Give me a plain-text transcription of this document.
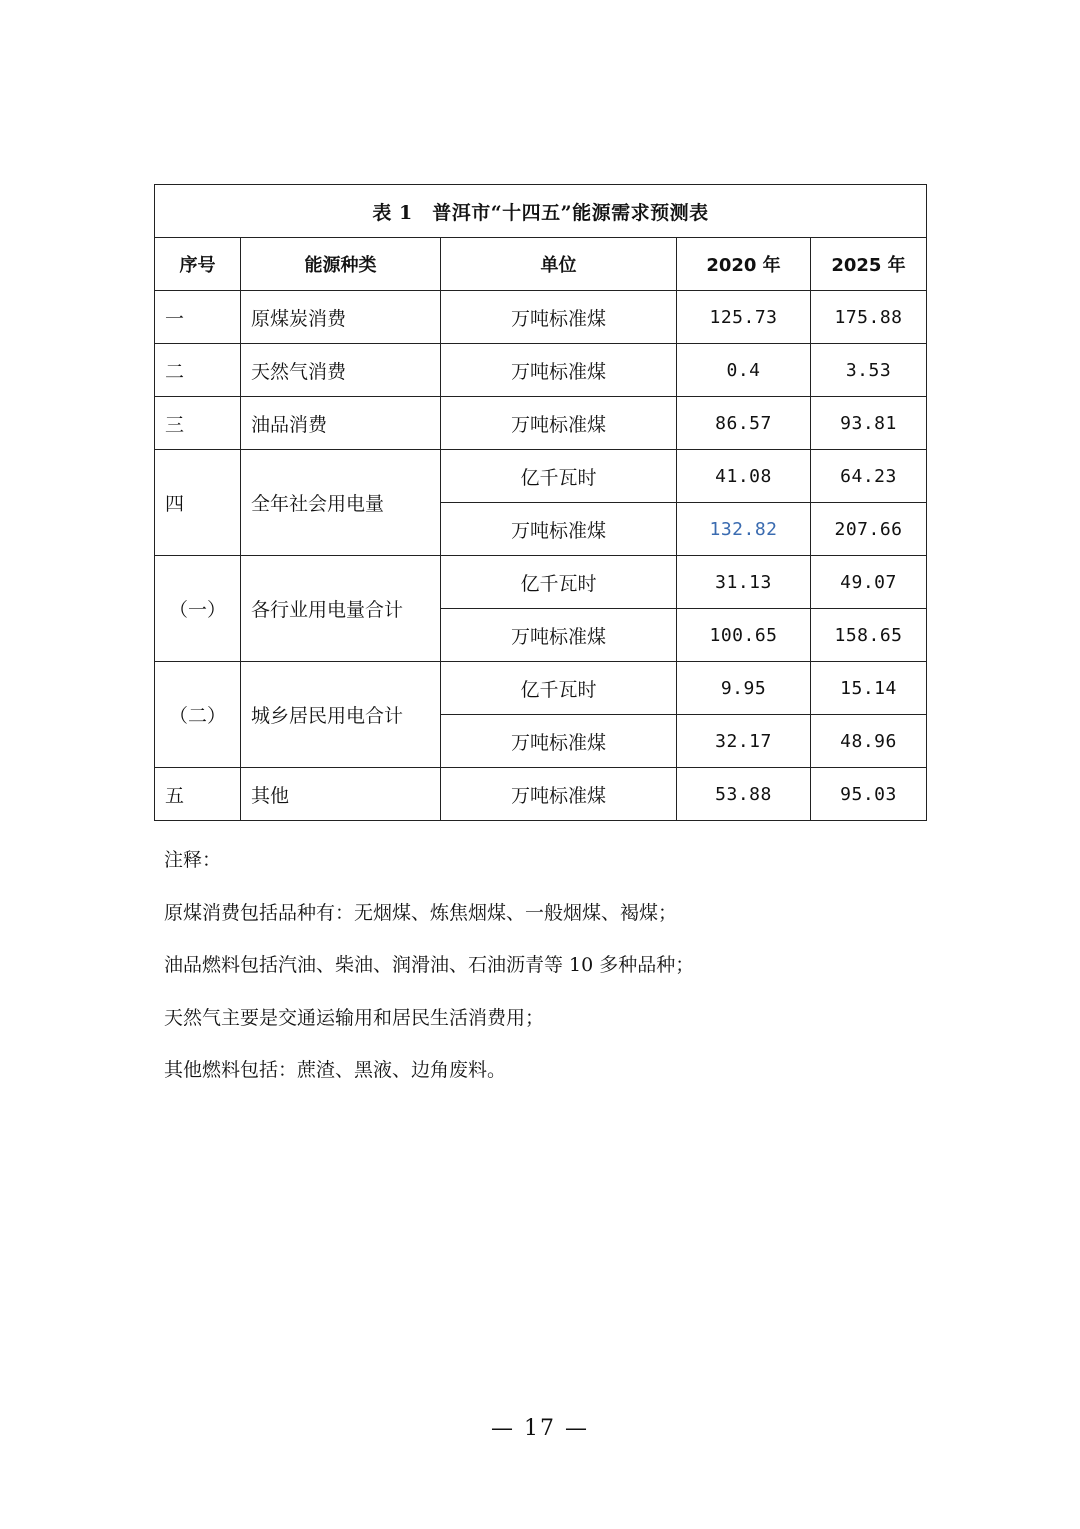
表 1　普洱市“十四五”能源需求预测表				
序号	能源种类	单位	2020 年	2025 年
一	原煤炭消费	万吨标准煤	125.73	175.88
二	天然气消费	万吨标准煤	0.4	3.53
三	油品消费	万吨标准煤	86.57	93.81
四	全年社会用电量	亿千瓦时	41.08	64.23
		万吨标准煤	132.82	207.66
（一）	各行业用电量合计	亿千瓦时	31.13	49.07
		万吨标准煤	100.65	158.65
（二）	城乡居民用电合计	亿千瓦时	9.95	15.14
		万吨标准煤	32.17	48.96
五	其他	万吨标准煤	53.88	95.03

注释：

原煤消费包括品种有：无烟煤、炼焦烟煤、一般烟煤、褐煤；

油品燃料包括汽油、柴油、润滑油、石油沥青等 10 多种品种；

天然气主要是交通运输用和居民生活消费用；

其他燃料包括：蔗渣、黑液、边角废料。

— 17 —
